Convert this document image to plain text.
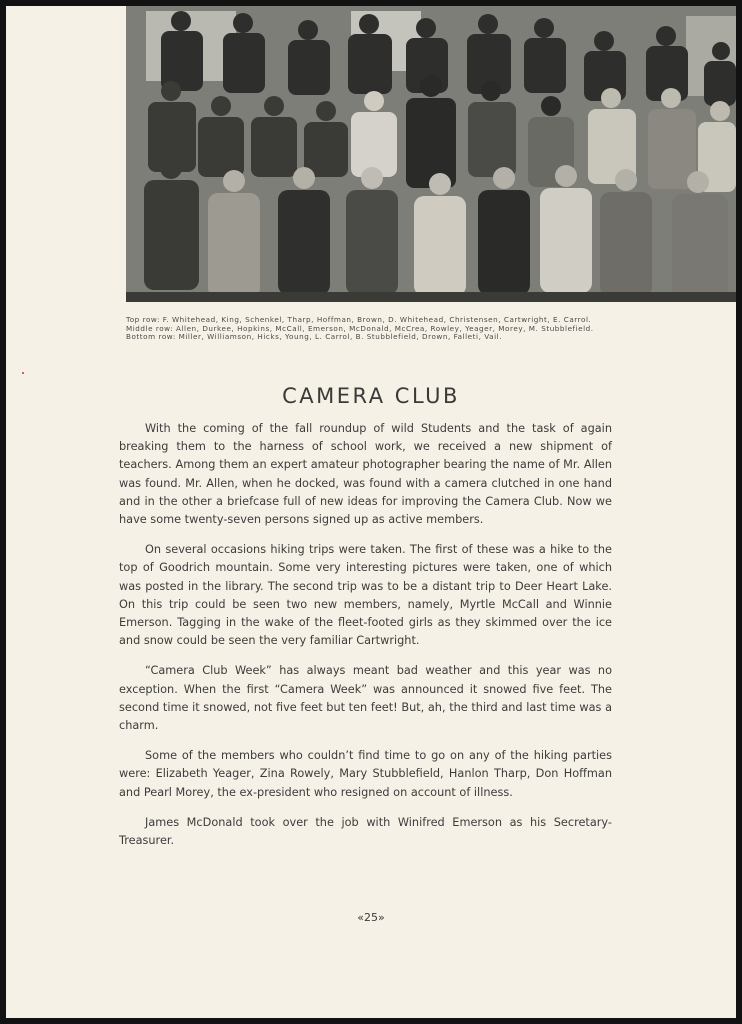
Top row: F. Whitehead, King, Schenkel, Tharp, Hoffman, Brown, D. Whitehead, Christensen, Cartwright, E. Carrol.
Middle row: Allen, Durkee, Hopkins, McCall, Emerson, McDonald, McCrea, Rowley, Yeager, Morey, M. Stubblefield.
Bottom row: Miller, Williamson, Hicks, Young, L. Carrol, B. Stubblefield, Drown, Falleti, Vail.
CAMERA CLUB

With the coming of the fall roundup of wild Students and the task of again breaking them to the harness of school work, we received a new shipment of teachers. Among them an expert amateur photographer bearing the name of Mr. Allen was found. Mr. Allen, when he docked, was found with a camera clutched in one hand and in the other a briefcase full of new ideas for improving the Camera Club. Now we have some twenty-seven persons signed up as active members.

On several occasions hiking trips were taken. The first of these was a hike to the top of Goodrich mountain. Some very interesting pictures were taken, one of which was posted in the library. The second trip was to be a distant trip to Deer Heart Lake. On this trip could be seen two new members, namely, Myrtle McCall and Winnie Emerson. Tagging in the wake of the fleet-footed girls as they skimmed over the ice and snow could be seen the very familiar Cartwright.

“Camera Club Week” has always meant bad weather and this year was no exception. When the first “Camera Week” was announced it snowed five feet. The second time it snowed, not five feet but ten feet! But, ah, the third and last time was a charm.

Some of the members who couldn’t find time to go on any of the hiking parties were: Elizabeth Yeager, Zina Rowely, Mary Stubblefield, Hanlon Tharp, Don Hoffman and Pearl Morey, the ex-president who resigned on account of illness.

James McDonald took over the job with Winifred Emerson as his Secretary-Treasurer.

«25»
